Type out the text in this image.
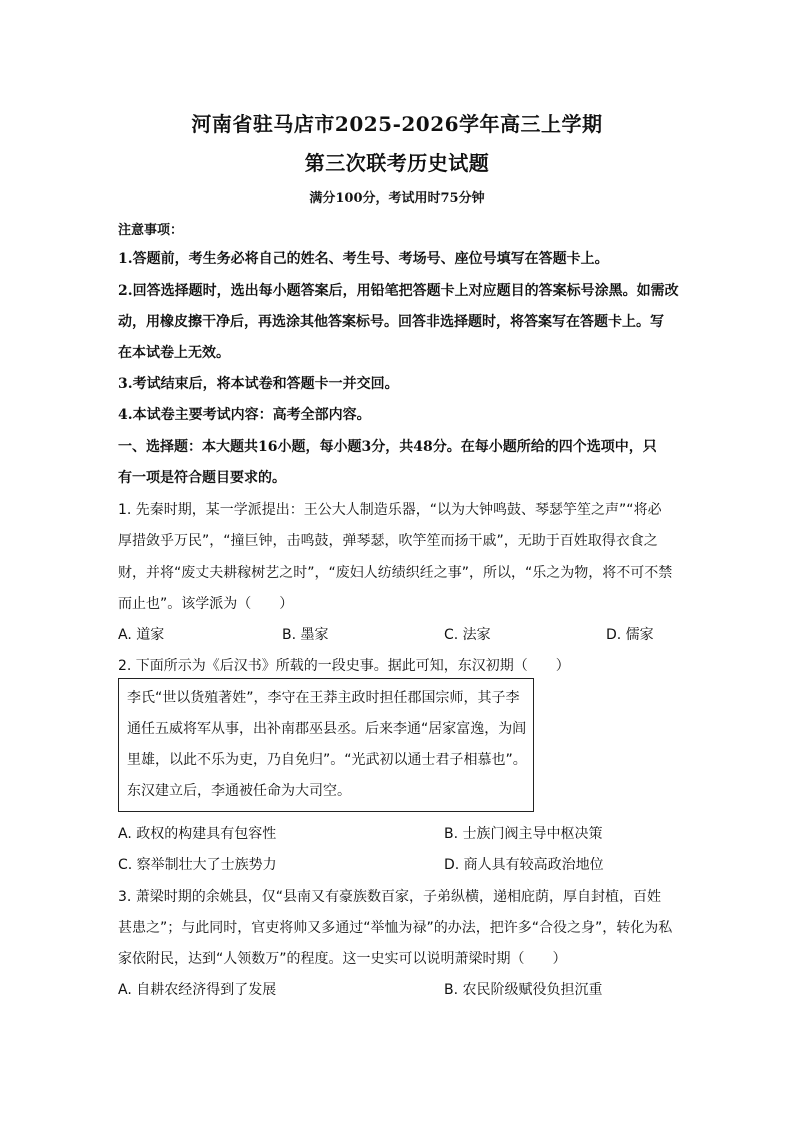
河南省驻马店市2025-2026学年高三上学期
第三次联考历史试题
满分100分，考试用时75分钟
注意事项：
1.答题前，考生务必将自己的姓名、考生号、考场号、座位号填写在答题卡上。
2.回答选择题时，选出每小题答案后，用铅笔把答题卡上对应题目的答案标号涂黑。如需改
动，用橡皮擦干净后，再选涂其他答案标号。回答非选择题时，将答案写在答题卡上。写
在本试卷上无效。
3.考试结束后，将本试卷和答题卡一并交回。
4.本试卷主要考试内容：高考全部内容。
一、选择题：本大题共16小题，每小题3分，共48分。在每小题所给的四个选项中，只
有一项是符合题目要求的。
1. 先秦时期，某一学派提出：王公大人制造乐器，“以为大钟鸣鼓、琴瑟竽笙之声”“将必
厚措敛乎万民”，“撞巨钟，击鸣鼓，弹琴瑟，吹竽笙而扬干戚”，无助于百姓取得衣食之
财，并将“废丈夫耕稼树艺之时”，“废妇人纺绩织纴之事”，所以，“乐之为物，将不可不禁
而止也”。该学派为（　　）
A. 道家	B. 墨家	C. 法家	D. 儒家
2. 下面所示为《后汉书》所载的一段史事。据此可知，东汉初期（　　）
李氏“世以货殖著姓”，李守在王莽主政时担任郡国宗师，其子李
通任五威将军从事，出补南郡巫县丞。后来李通“居家富逸，为闾
里雄，以此不乐为吏，乃自免归”。“光武初以通士君子相慕也”。
东汉建立后，李通被任命为大司空。
A. 政权的构建具有包容性	B. 士族门阀主导中枢决策
C. 察举制壮大了士族势力	D. 商人具有较高政治地位
3. 萧梁时期的余姚县，仅“县南又有豪族数百家，子弟纵横，递相庇荫，厚自封植，百姓
甚患之”；与此同时，官吏将帅又多通过“举恤为禄”的办法，把许多“合役之身”，转化为私
家依附民，达到“人领数万”的程度。这一史实可以说明萧梁时期（　　）
A. 自耕农经济得到了发展	B. 农民阶级赋役负担沉重
